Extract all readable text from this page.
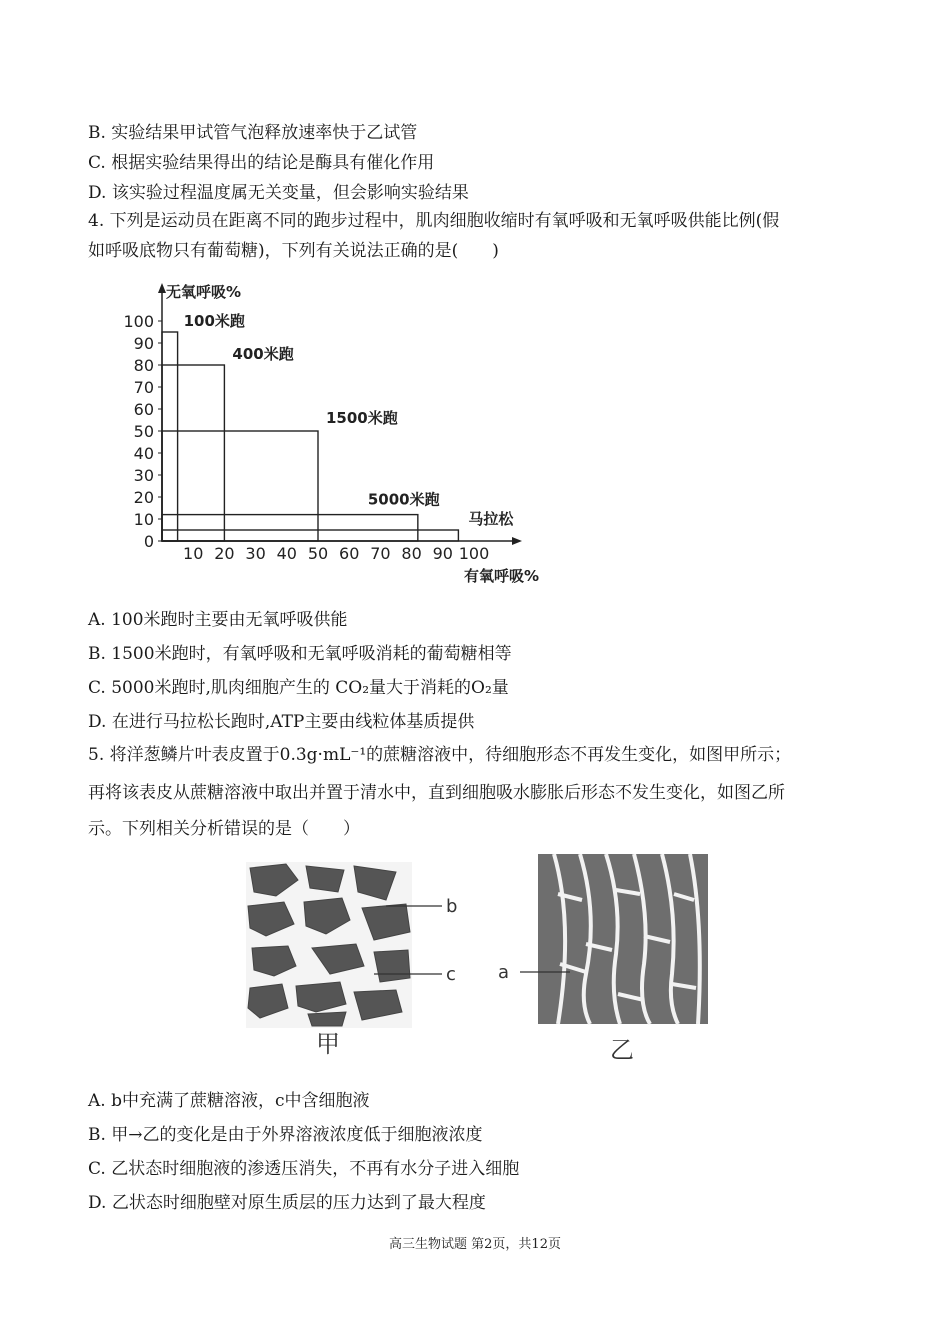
B. 实验结果甲试管气泡释放速率快于乙试管
C. 根据实验结果得出的结论是酶具有催化作用
D. 该实验过程温度属无关变量，但会影响实验结果
4. 下列是运动员在距离不同的跑步过程中，肌肉细胞收缩时有氧呼吸和无氧呼吸供能比例(假
如呼吸底物只有葡萄糖)，下列有关说法正确的是(　　)
无氧呼吸%
有氧呼吸%
100米跑
400米跑
1500米跑
5000米跑
马拉松
0
10
20
30
40
50
60
70
80
90
100
10 20 30 40 50 60 70 80 90 100
A. 100米跑时主要由无氧呼吸供能
B. 1500米跑时，有氧呼吸和无氧呼吸消耗的葡萄糖相等
C. 5000米跑时,肌肉细胞产生的 CO₂量大于消耗的O₂量
D. 在进行马拉松长跑时,ATP主要由线粒体基质提供
5. 将洋葱鳞片叶表皮置于0.3g·mL⁻¹的蔗糖溶液中，待细胞形态不再发生变化，如图甲所示；
再将该表皮从蔗糖溶液中取出并置于清水中，直到细胞吸水膨胀后形态不发生变化，如图乙所
示。下列相关分析错误的是（　　）
b
c
甲
a
乙
A. b中充满了蔗糖溶液，c中含细胞液
B. 甲→乙的变化是由于外界溶液浓度低于细胞液浓度
C. 乙状态时细胞液的渗透压消失，不再有水分子进入细胞
D. 乙状态时细胞壁对原生质层的压力达到了最大程度
高三生物试题 第2页，共12页
